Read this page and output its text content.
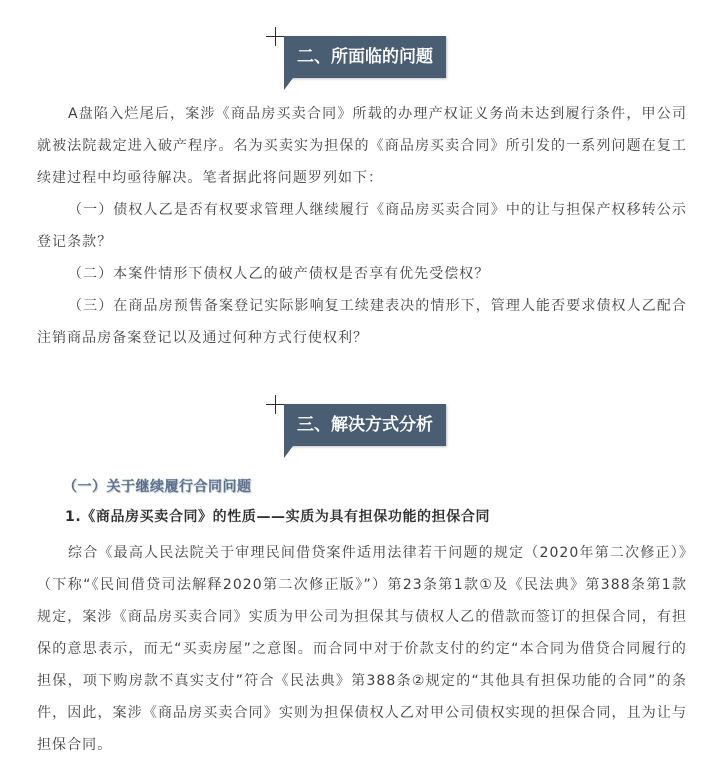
二、所面临的问题

A盘陷入烂尾后，案涉《商品房买卖合同》所载的办理产权证义务尚未达到履行条件，甲公司就被法院裁定进入破产程序。名为买卖实为担保的《商品房买卖合同》所引发的一系列问题在复工续建过程中均亟待解决。笔者据此将问题罗列如下：

（一）债权人乙是否有权要求管理人继续履行《商品房买卖合同》中的让与担保产权移转公示登记条款？

（二）本案件情形下债权人乙的破产债权是否享有优先受偿权？

（三）在商品房预售备案登记实际影响复工续建表决的情形下，管理人能否要求债权人乙配合注销商品房备案登记以及通过何种方式行使权利？

三、解决方式分析
（一）关于继续履行合同问题
1.《商品房买卖合同》的性质——实质为具有担保功能的担保合同

综合《最高人民法院关于审理民间借贷案件适用法律若干问题的规定（2020年第二次修正）》（下称“《民间借贷司法解释2020第二次修正版》”）第23条第1款①及《民法典》第388条第1款规定，案涉《商品房买卖合同》实质为甲公司为担保其与债权人乙的借款而签订的担保合同，有担保的意思表示，而无“买卖房屋”之意图。而合同中对于价款支付的约定“本合同为借贷合同履行的担保，项下购房款不真实支付”符合《民法典》第388条②规定的“其他具有担保功能的合同”的条件，因此，案涉《商品房买卖合同》实则为担保债权人乙对甲公司债权实现的担保合同，且为让与担保合同。
